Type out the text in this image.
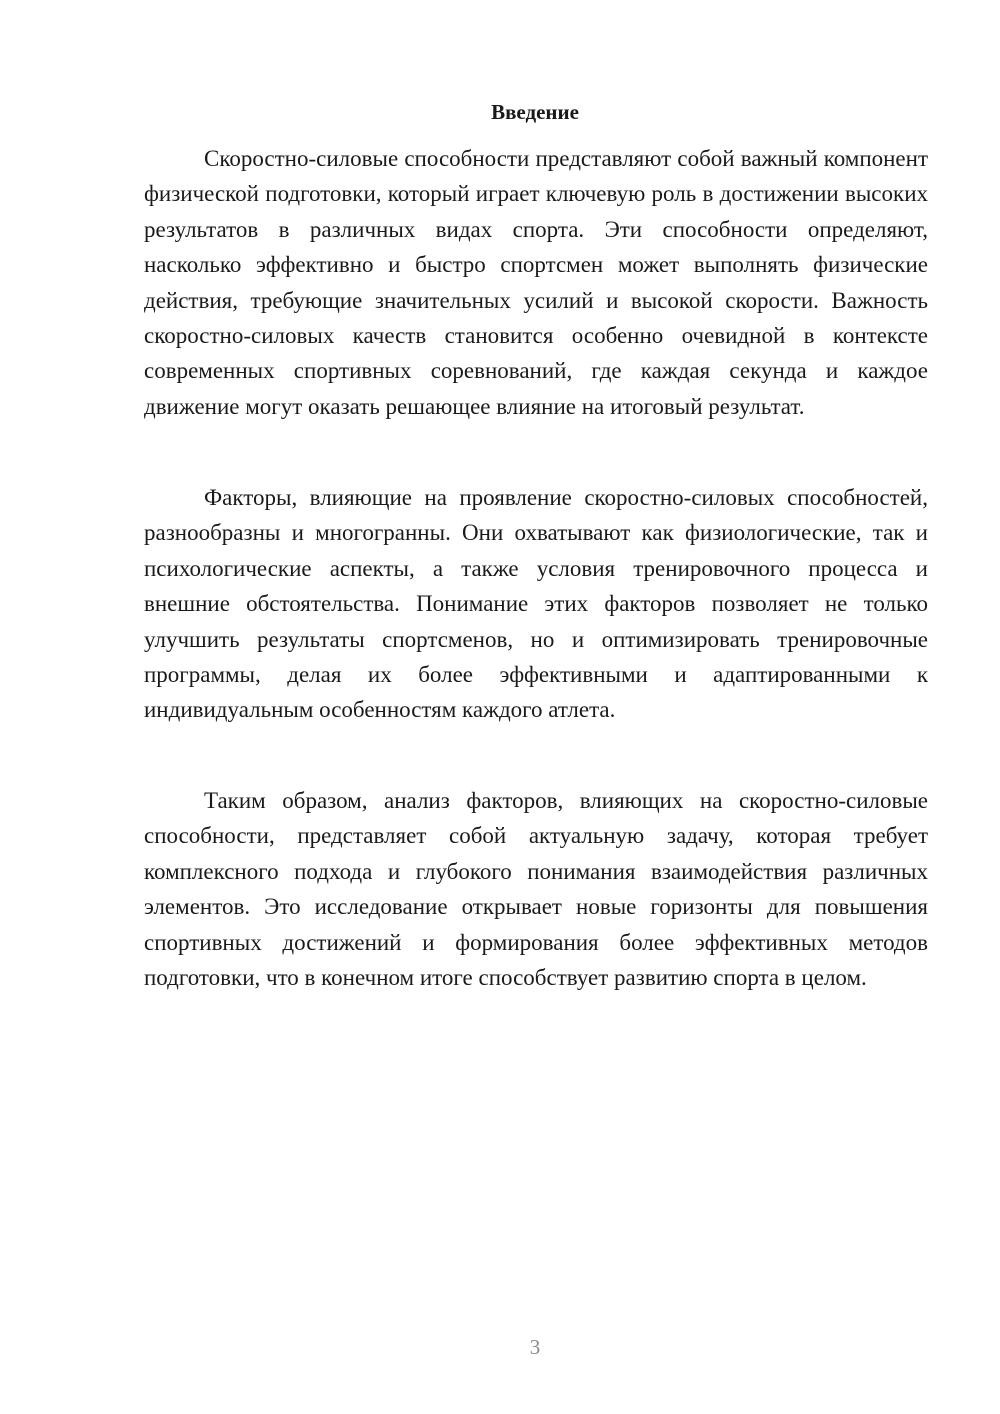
Введение

Скоростно-силовые способности представляют собой важный компонент физической подготовки, который играет ключевую роль в достижении высоких результатов в различных видах спорта. Эти способности определяют, насколько эффективно и быстро спортсмен может выполнять физические действия, требующие значительных усилий и высокой скорости. Важность скоростно-силовых качеств становится особенно очевидной в контексте современных спортивных соревнований, где каждая секунда и каждое движение могут оказать решающее влияние на итоговый результат.

Факторы, влияющие на проявление скоростно-силовых способностей, разнообразны и многогранны. Они охватывают как физиологические, так и психологические аспекты, а также условия тренировочного процесса и внешние обстоятельства. Понимание этих факторов позволяет не только улучшить результаты спортсменов, но и оптимизировать тренировочные программы, делая их более эффективными и адаптированными к индивидуальным особенностям каждого атлета.

Таким образом, анализ факторов, влияющих на скоростно-силовые способности, представляет собой актуальную задачу, которая требует комплексного подхода и глубокого понимания взаимодействия различных элементов. Это исследование открывает новые горизонты для повышения спортивных достижений и формирования более эффективных методов подготовки, что в конечном итоге способствует развитию спорта в целом.

3
